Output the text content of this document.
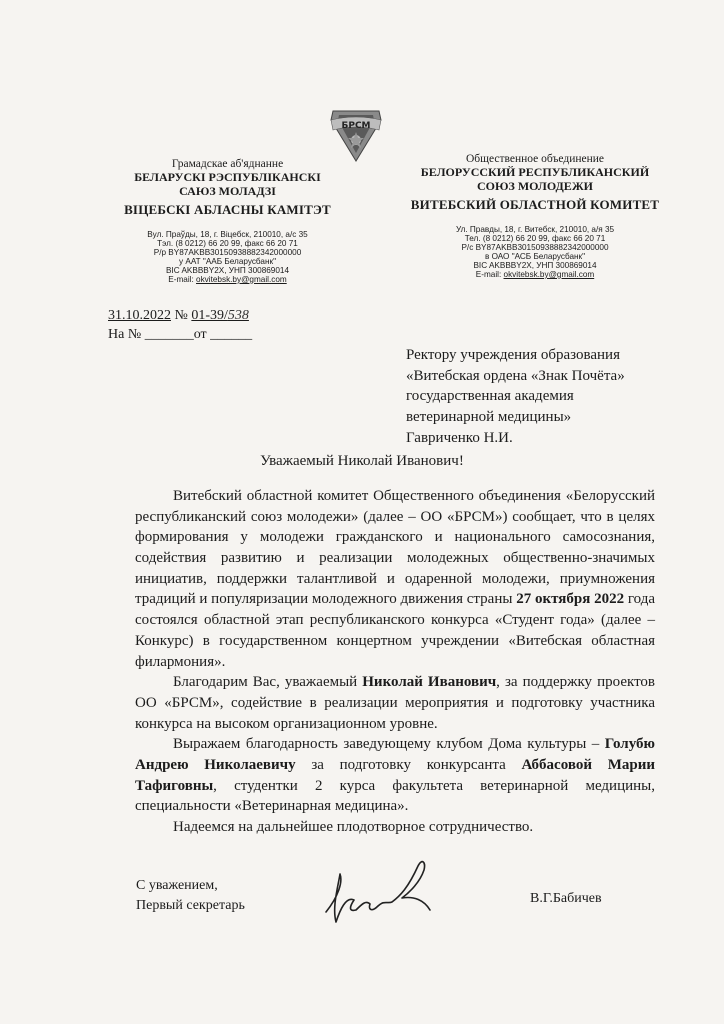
БРСМ
Грамадскае аб'яднанне
БЕЛАРУСКІ РЭСПУБЛІКАНСКІ
САЮЗ МОЛАДЗІ
ВІЦЕБСКІ АБЛАСНЫ КАМІТЭТ
Вул. Праўды, 18, г. Віцебск, 210010, а/с 35
Тэл. (8 0212) 66 20 99, факс 66 20 71
Р/р BY87AKBB30150938882342000000
у ААТ "ААБ Беларусбанк"
BIC AKBBBY2X, УНП 300869014
E-mail: okvitebsk.by@gmail.com
Общественное объединение
БЕЛОРУССКИЙ РЕСПУБЛИКАНСКИЙ
СОЮЗ МОЛОДЕЖИ
ВИТЕБСКИЙ ОБЛАСТНОЙ КОМИТЕТ
Ул. Правды, 18, г. Витебск, 210010, а/я 35
Тел. (8 0212) 66 20 99, факс 66 20 71
Р/с BY87AKBB30150938882342000000
в ОАО "АСБ Беларусбанк"
BIC AKBBBY2X, УНП 300869014
E-mail: okvitebsk.by@gmail.com
31.10.2022 № 01-39/538
На № _______от ______
Ректору учреждения образования
«Витебская ордена «Знак Почёта»
государственная академия
ветеринарной медицины»
Гавриченко Н.И.
Уважаемый Николай Иванович!

Витебский областной комитет Общественного объединения «Белорусский республиканский союз молодежи» (далее – ОО «БРСМ») сообщает, что в целях формирования у молодежи гражданского и национального самосознания, содействия развитию и реализации молодежных общественно-значимых инициатив, поддержки талантливой и одаренной молодежи, приумножения традиций и популяризации молодежного движения страны 27 октября 2022 года состоялся областной этап республиканского конкурса «Студент года» (далее – Конкурс) в государственном концертном учреждении «Витебская областная филармония».

Благодарим Вас, уважаемый Николай Иванович, за поддержку проектов ОО «БРСМ», содействие в реализации мероприятия и подготовку участника конкурса на высоком организационном уровне.

Выражаем благодарность заведующему клубом Дома культуры – Голубю Андрею Николаевичу за подготовку конкурсанта Аббасовой Марии Тафиговны, студентки 2 курса факультета ветеринарной медицины, специальности «Ветеринарная медицина».

Надеемся на дальнейшее плодотворное сотрудничество.

С уважением,
Первый секретарь	В.Г.Бабичев
